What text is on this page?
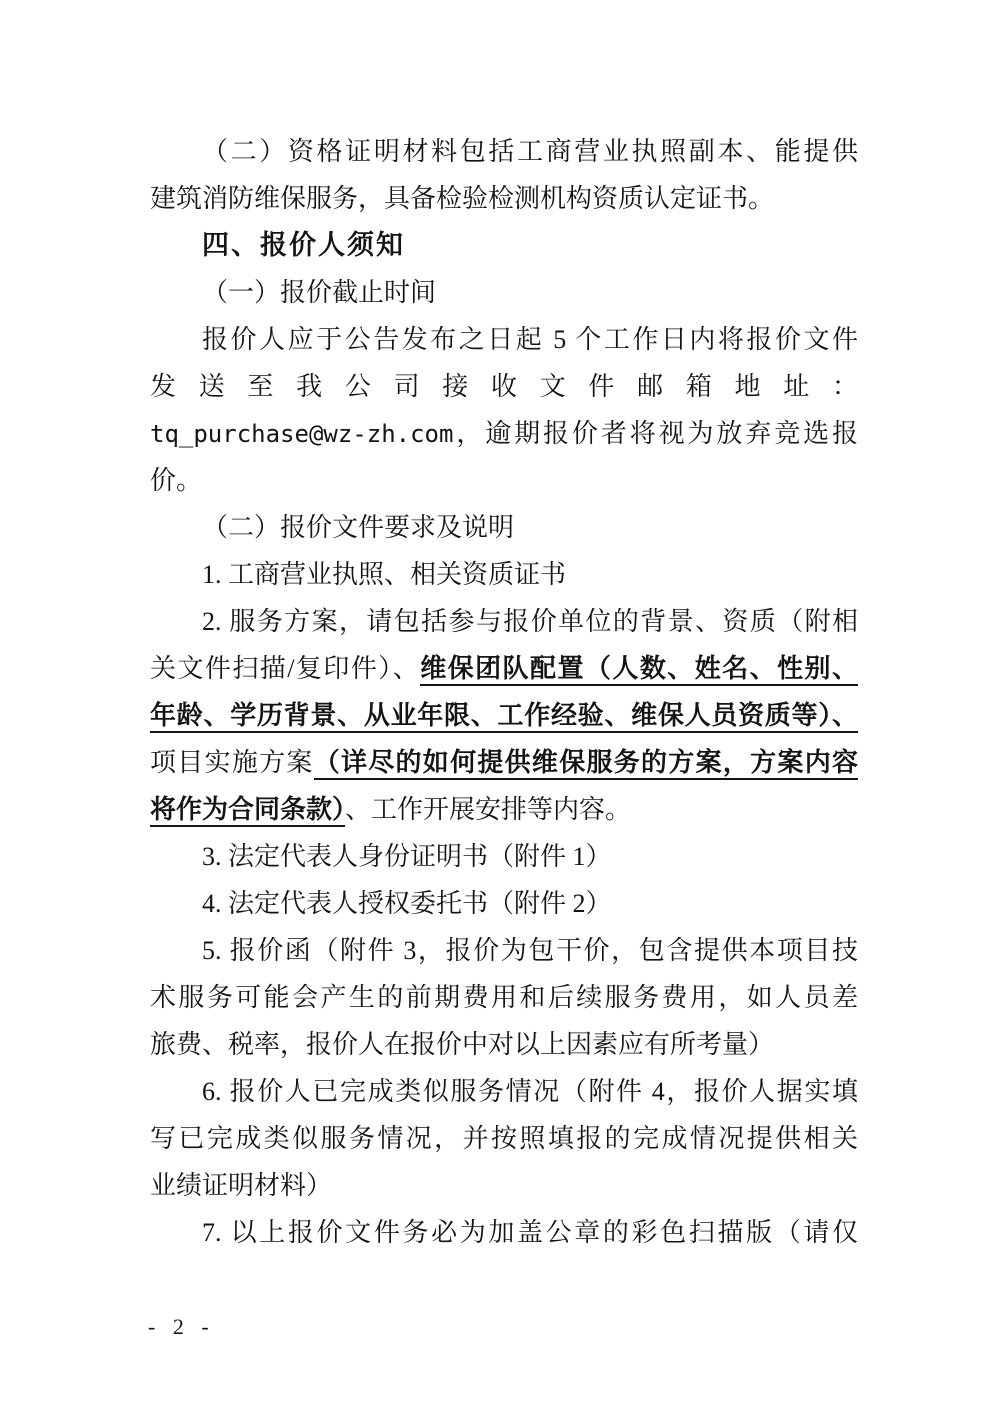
（二）资格证明材料包括工商营业执照副本、能提供
建筑消防维保服务，具备检验检测机构资质认定证书。
四、报价人须知
（一）报价截止时间
报价人应于公告发布之日起 5 个工作日内将报价文件
发送至我公司接收文件邮箱地址：
tq_purchase@wz-zh.com，逾期报价者将视为放弃竞选报
价。
（二）报价文件要求及说明
1. 工商营业执照、相关资质证书
2. 服务方案，请包括参与报价单位的背景、资质（附相
关文件扫描/复印件）、维保团队配置（人数、姓名、性别、
年龄、学历背景、从业年限、工作经验、维保人员资质等）、
项目实施方案（详尽的如何提供维保服务的方案，方案内容
将作为合同条款）、工作开展安排等内容。
3. 法定代表人身份证明书（附件 1）
4. 法定代表人授权委托书（附件 2）
5. 报价函（附件 3，报价为包干价，包含提供本项目技
术服务可能会产生的前期费用和后续服务费用，如人员差
旅费、税率，报价人在报价中对以上因素应有所考量）
6. 报价人已完成类似服务情况（附件 4，报价人据实填
写已完成类似服务情况，并按照填报的完成情况提供相关
业绩证明材料）
7. 以上报价文件务必为加盖公章的彩色扫描版（请仅
- 2 -
